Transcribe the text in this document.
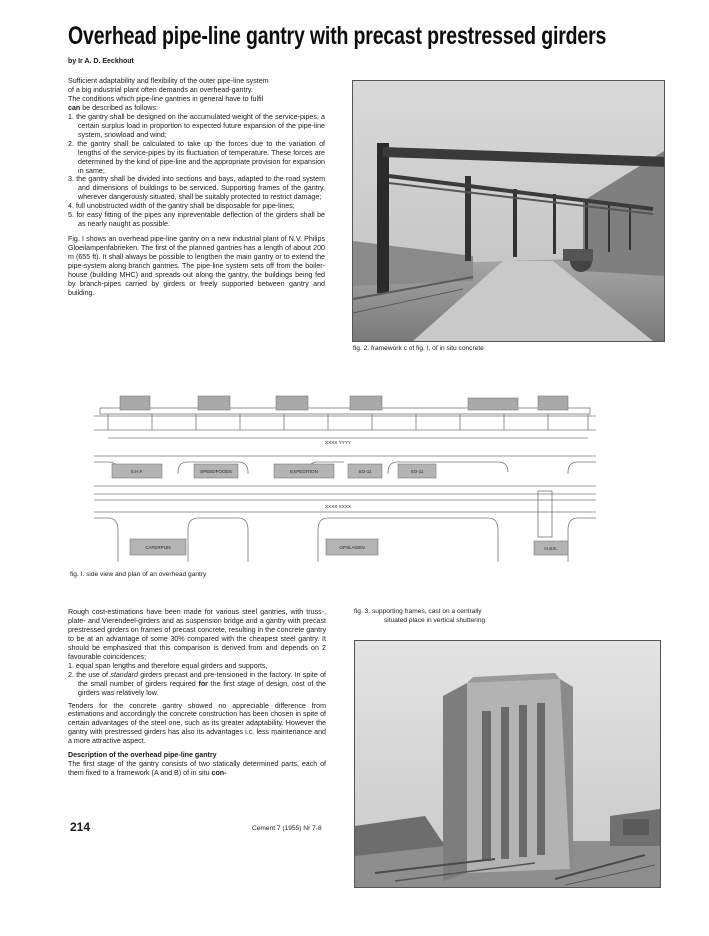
Overhead pipe-line gantry with precast prestressed girders
by Ir A. D. Eeckhout

Sufficient adaptability and flexibility of the outer pipe-line system

of a big industrial plant often demands an overhead-gantry.

The conditions which pipe-line gantries in general have to fulfil

can be described as follows:

1. the gantry shall be designed on the accumulated weight of the service-pipes, a certain surplus load in proportion to expected future expansion of the pipe-line system, snowload and wind;
2. the gantry shall be calculated to take up the forces due to the variation of lengths of the service-pipes by its fluctuation of temperature. These forces are determined by the kind of pipe-line and the appropriate provision for expansion in same;
3. the gantry shall be divided into sections and bays, adapted to the road system and dimensions of buildings to be serviced. Supporting frames of the gantry, wherever dangerously situated, shall be suitably protected to restrict damage;
4. full unobstructed width of the gantry shall be disposable for pipe-lines;
5. for easy fitting of the pipes any inpreventable deflection of the girders shall be as nearly naught as possible.

Fig. I shows an overhead pipe-line gantry on a new industrial plant of N.V. Philips Gloeilampenfabrieken. The first of the planned gantries has a length of about 200 m (655 ft). It shall always be possible to lengthen the main gantry or to extend the pipe-system along branch gantries. The pipe-line system sets off from the boiler-house (building MHC) and spreads out along the gantry, the buildings being fed by branch-pipes carried by girders or freely supported between gantry and building.

fig. 2. framework c of fig. I, of in situ concrete
S.H.F.	SPEEDFOODS	EXPEDITION	SO-11	SO-11
CATERPIJN	OPSLAGEN	H.S.E.
XXXX YYYY
XXXX XXXX
fig. I. side view and plan of an overhead gantry

Rough cost-estimations have been made for various steel gantries, with truss-, plate- and Vierendeel-girders and as suspension bridge and a gantry with precast prestressed girders on frames of precast concrete, resulting in the concrete gantry to be at an advantage of some 30% compared with the cheapest steel gantry. It should be emphasized that this comparison is derived from and depends on 2 favourable coincidences;

1. equal span lengths and therefore equal girders and supports,
2. the use of standard girders precast and pre-tensioned in the factory. In spite of the small number of girders required for the first stage of design, cost of the girders was relatively low.

Tenders for the concrete gantry showed no appreciable difference from estimations and accordingly the concrete construction has been chosen in spite of certain advantages of the steel one, such as its greater adaptability. However the gantry with prestressed girders has also its advantages i.c. less maintenance and a more attractive aspect.

Description of the overhead pipe-line gantry

The first stage of the gantry consists of two statically determined parts, each of them fixed to a framework (A and B) of in situ con-

fig. 3. supporting frames, cast on a centrally
situated place in vertical shuttering
214	Cement 7 (1955) Nr 7-8
